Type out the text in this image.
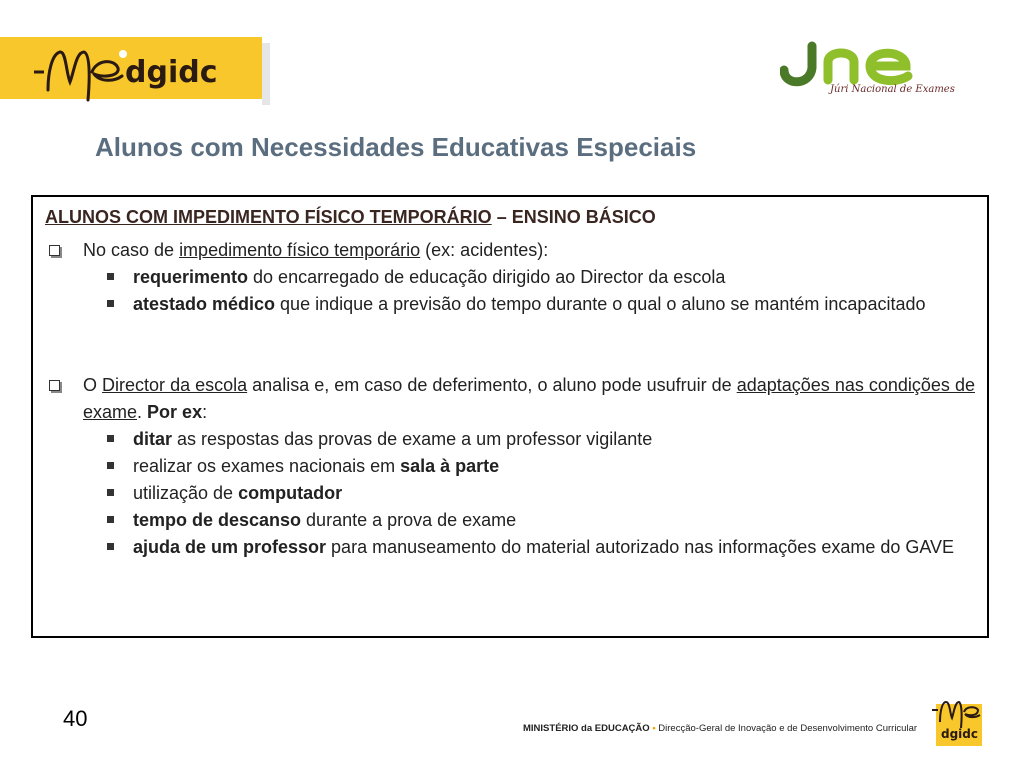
dgidc	Júri Nacional de Exames
Alunos com Necessidades Educativas Especiais
ALUNOS COM IMPEDIMENTO FÍSICO TEMPORÁRIO – ENSINO BÁSICO
No caso de impedimento físico temporário (ex: acidentes):
requerimento do encarregado de educação dirigido ao Director da escola
atestado médico que indique a previsão do tempo durante o qual o aluno se mantém incapacitado
O Director da escola analisa e, em caso de deferimento, o aluno pode usufruir de adaptações nas condições de exame. Por ex:
ditar as respostas das provas de exame a um professor vigilante
realizar os exames nacionais em sala à parte
utilização de computador
tempo de descanso durante a prova de exame
ajuda de um professor para manuseamento do material autorizado nas informações exame do GAVE
40	MINISTÉRIO da EDUCAÇÃO • Direcção-Geral de Inovação e de Desenvolvimento Curricular dgidc
